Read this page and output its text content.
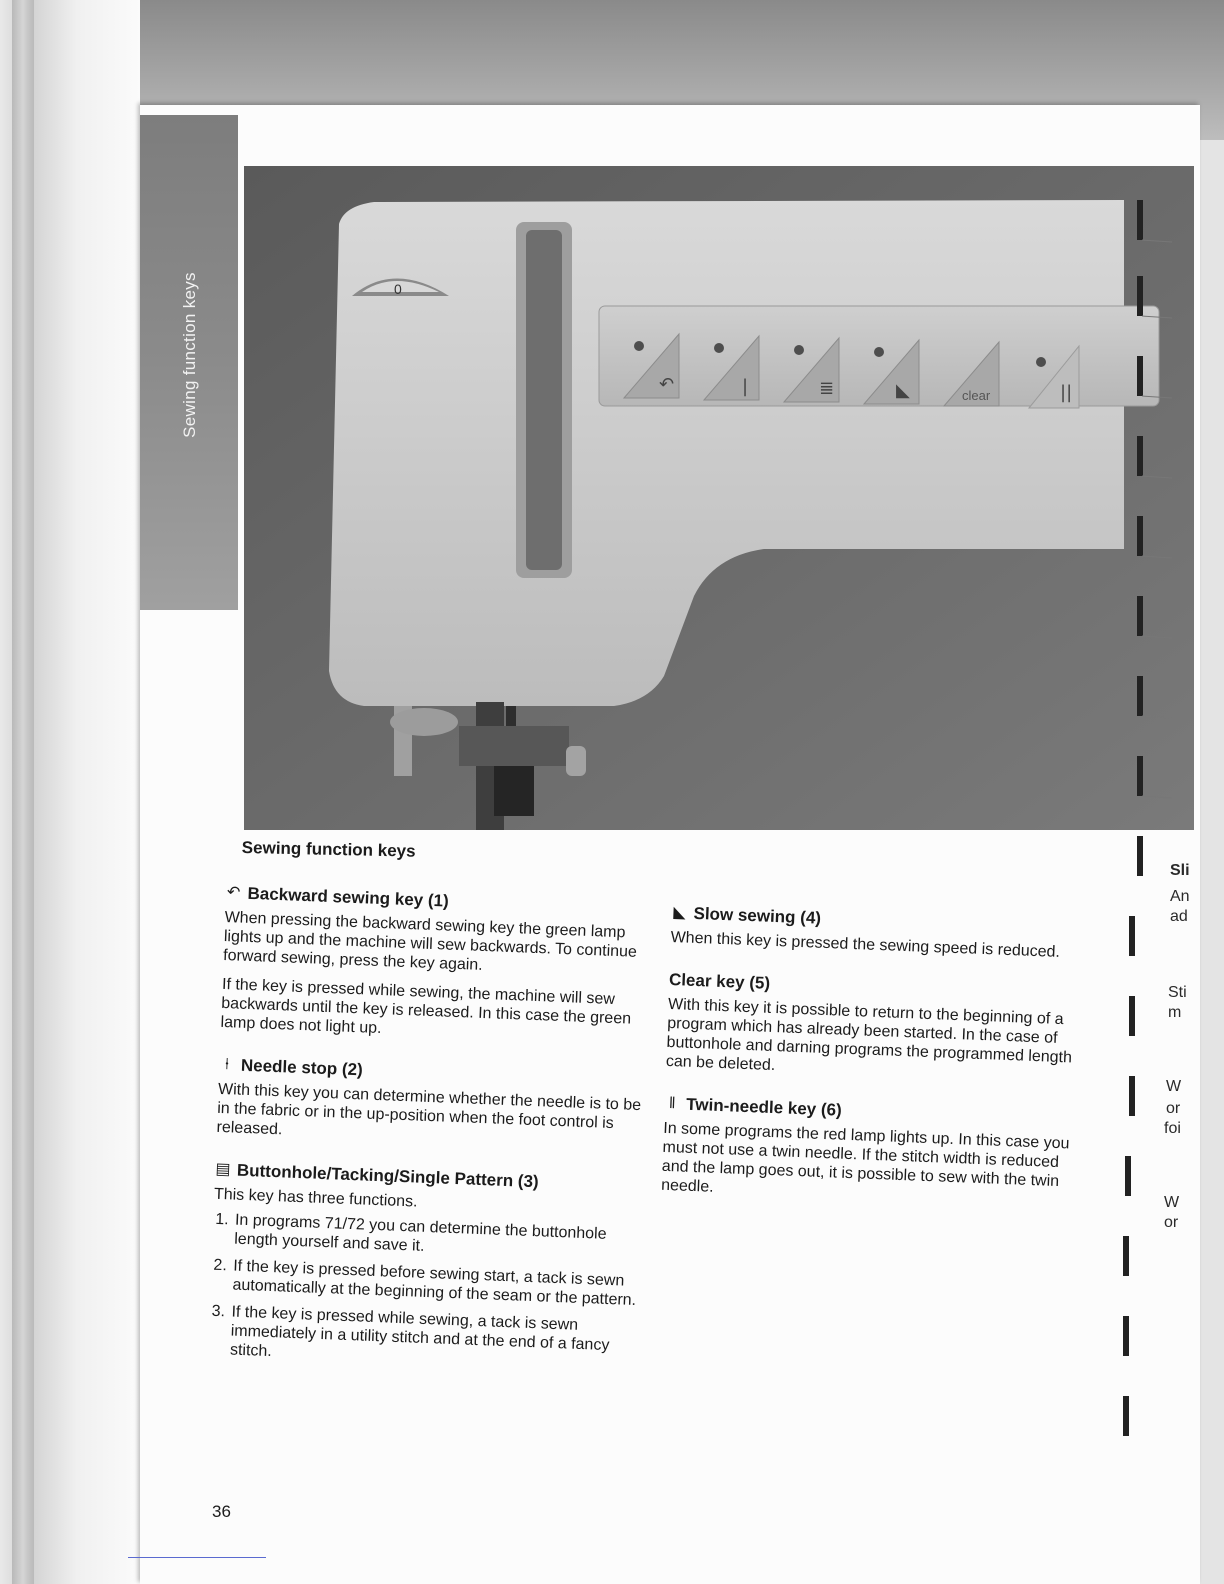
Sewing function keys	0
↶	|	≣	◣	clear	||
Sli
An
ad
Sti
m
W
or
foi
W
or
Sewing function keys
↶ Backward sewing key (1)

When pressing the backward sewing key the green lamp lights up and the machine will sew backwards. To continue forward sewing, press the key again.

If the key is pressed while sewing, the machine will sew backwards until the key is released. In this case the green lamp does not light up.

⍿ Needle stop (2)

With this key you can determine whether the needle is to be in the fabric or in the up-position when the foot control is released.

▤ Buttonhole/Tacking/Single Pattern (3)

This key has three functions.

1. In programs 71/72 you can determine the buttonhole length yourself and save it.
2. If the key is pressed before sewing start, a tack is sewn automatically at the beginning of the seam or the pattern.
3. If the key is pressed while sewing, a tack is sewn immediately in a utility stitch and at the end of a fancy stitch.
◣ Slow sewing (4)

When this key is pressed the sewing speed is reduced.

Clear key (5)

With this key it is possible to return to the beginning of a program which has already been started. In the case of buttonhole and darning programs the programmed length can be deleted.

‖ Twin-needle key (6)

In some programs the red lamp lights up. In this case you must not use a twin needle. If the stitch width is reduced and the lamp goes out, it is possible to sew with the twin needle.

36
